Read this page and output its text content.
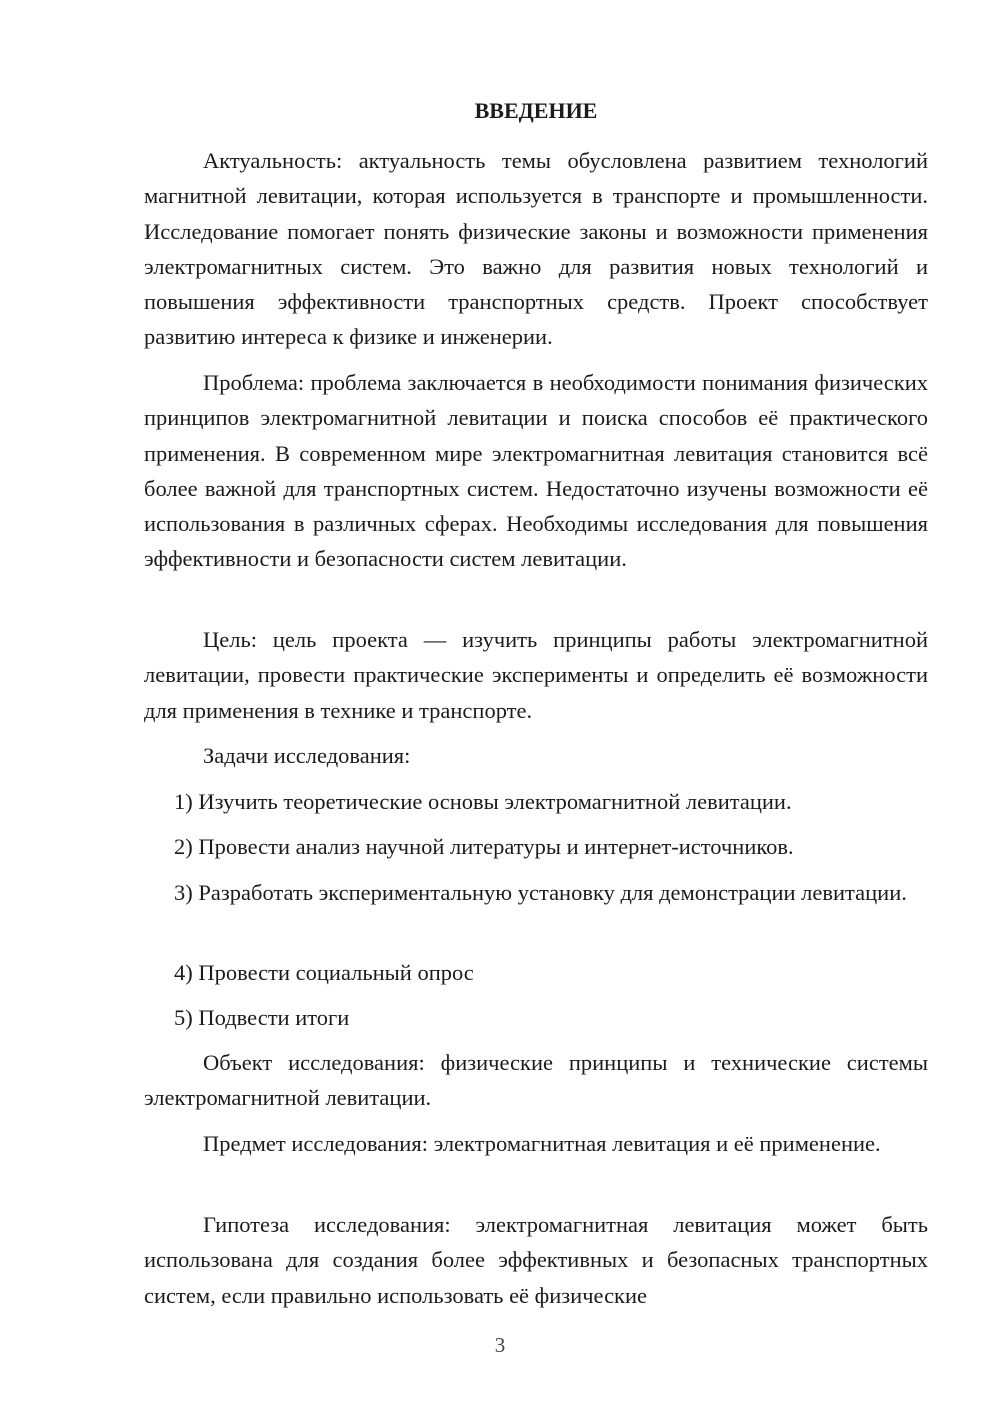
ВВЕДЕНИЕ

Актуальность: актуальность темы обусловлена развитием технологий магнитной левитации, которая используется в транспорте и промышленности. Исследование помогает понять физические законы и возможности применения электромагнитных систем. Это важно для развития новых технологий и повышения эффективности транспортных средств. Проект способствует развитию интереса к физике и инженерии.

Проблема: проблема заключается в необходимости понимания физических принципов электромагнитной левитации и поиска способов её практического применения. В современном мире электромагнитная левитация становится всё более важной для транспортных систем. Недостаточно изучены возможности её использования в различных сферах. Необходимы исследования для повышения эффективности и безопасности систем левитации.

Цель: цель проекта — изучить принципы работы электромагнитной левитации, провести практические эксперименты и определить её возможности для применения в технике и транспорте.

Задачи исследования:

1) Изучить теоретические основы электромагнитной левитации.

2) Провести анализ научной литературы и интернет-источников.

3) Разработать экспериментальную установку для демонстрации левитации.

4) Провести социальный опрос

5) Подвести итоги

Объект исследования: физические принципы и технические системы электромагнитной левитации.

Предмет исследования: электромагнитная левитация и её применение.

Гипотеза исследования: электромагнитная левитация может быть использована для создания более эффективных и безопасных транспортных систем, если правильно использовать её физические

3
